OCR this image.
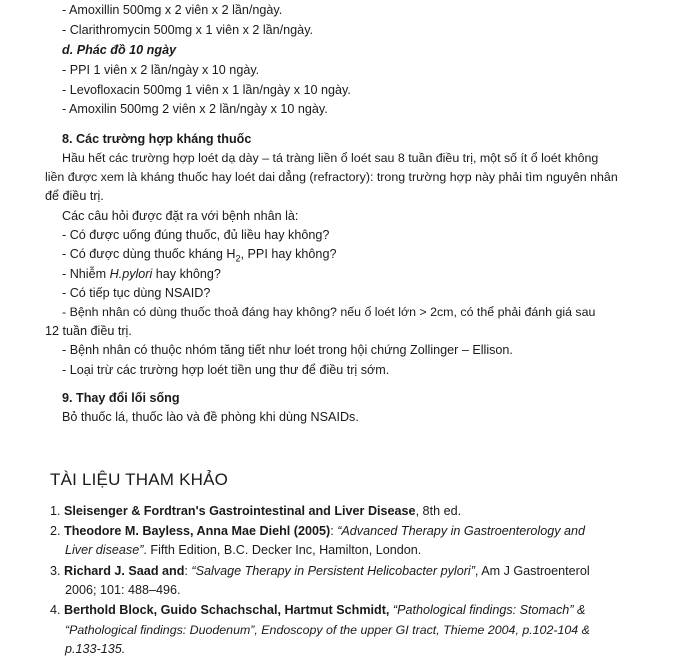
- Amoxillin 500mg x 2 viên x 2 lần/ngày.
- Clarithromycin 500mg x 1 viên x 2 lần/ngày.
d. Phác đồ 10 ngày
- PPI 1 viên x 2 lần/ngày x 10 ngày.
- Levofloxacin 500mg 1 viên x 1 lần/ngày x 10 ngày.
- Amoxilin 500mg 2 viên x 2 lần/ngày x 10 ngày.
8. Các trường hợp kháng thuốc
Hầu hết các trường hợp loét dạ dày – tá tràng liền ổ loét sau 8 tuần điều trị, một số ít ổ loét không
liền được xem là kháng thuốc hay loét dai dẳng (refractory): trong trường hợp này phải tìm nguyên nhân
để điều trị.
Các câu hỏi được đặt ra với bệnh nhân là:
- Có được uống đúng thuốc, đủ liều hay không?
- Có được dùng thuốc kháng $H_2$, PPI hay không?
- Nhiễm H.pylori hay không?
- Có tiếp tục dùng NSAID?
- Bệnh nhân có dùng thuốc thoả đáng hay không? nếu ổ loét lớn > 2cm, có thể phải đánh giá sau
12 tuần điều trị.
- Bệnh nhân có thuộc nhóm tăng tiết như loét trong hội chứng Zollinger – Ellison.
- Loại trừ các trường hợp loét tiền ung thư để điều trị sớm.
9. Thay đổi lối sống
Bỏ thuốc lá, thuốc lào và đề phòng khi dùng NSAIDs.
TÀI LIỆU THAM KHẢO
1. Sleisenger & Fordtran's Gastrointestinal and Liver Disease, 8th ed.
2. Theodore M. Bayless, Anna Mae Diehl (2005): “Advanced Therapy in Gastroenterology and
Liver disease”. Fifth Edition, B.C. Decker Inc, Hamilton, London.
3. Richard J. Saad and: “Salvage Therapy in Persistent Helicobacter pylori”, Am J Gastroenterol
2006; 101: 488–496.
4. Berthold Block, Guido Schachschal, Hartmut Schmidt, “Pathological findings: Stomach” &
“Pathological findings: Duodenum”, Endoscopy of the upper GI tract, Thieme 2004, p.102-104 &
p.133-135.
